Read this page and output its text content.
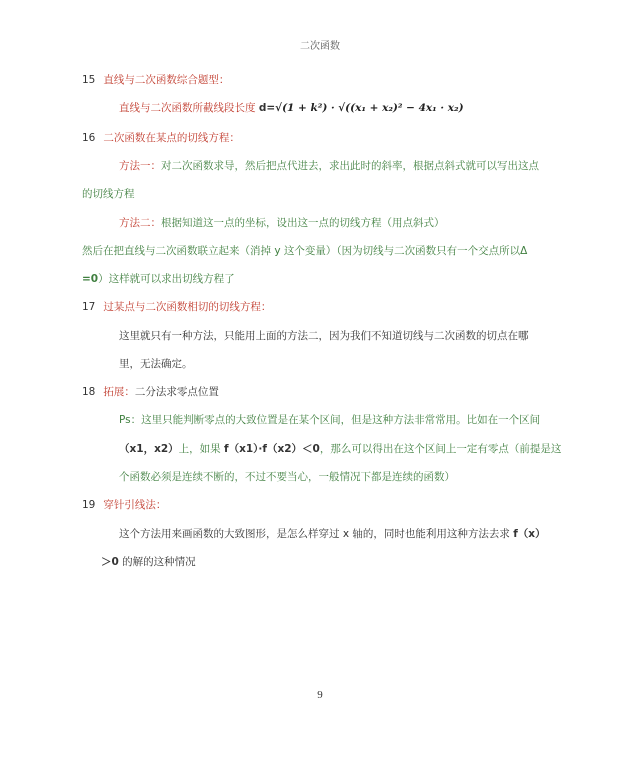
二次函数
15 直线与二次函数综合题型：
直线与二次函数所截线段长度 d=√(1 + k²) · √((x₁ + x₂)² − 4x₁ · x₂)
16 二次函数在某点的切线方程：
方法一：对二次函数求导，然后把点代进去，求出此时的斜率，根据点斜式就可以写出这点
的切线方程
方法二：根据知道这一点的坐标，设出这一点的切线方程（用点斜式）
然后在把直线与二次函数联立起来（消掉 y 这个变量）（因为切线与二次函数只有一个交点所以Δ
=0）这样就可以求出切线方程了
17 过某点与二次函数相切的切线方程：
这里就只有一种方法，只能用上面的方法二，因为我们不知道切线与二次函数的切点在哪
里，无法确定。
18 拓展：二分法求零点位置
Ps：这里只能判断零点的大致位置是在某个区间，但是这种方法非常常用。比如在一个区间
（x1，x2）上，如果 f（x1）·f（x2）＜0，那么可以得出在这个区间上一定有零点（前提是这
个函数必须是连续不断的，不过不要当心，一般情况下都是连续的函数）
19 穿针引线法：
这个方法用来画函数的大致图形，是怎么样穿过 x 轴的，同时也能利用这种方法去求 f（x）
＞0 的解的这种情况
9
